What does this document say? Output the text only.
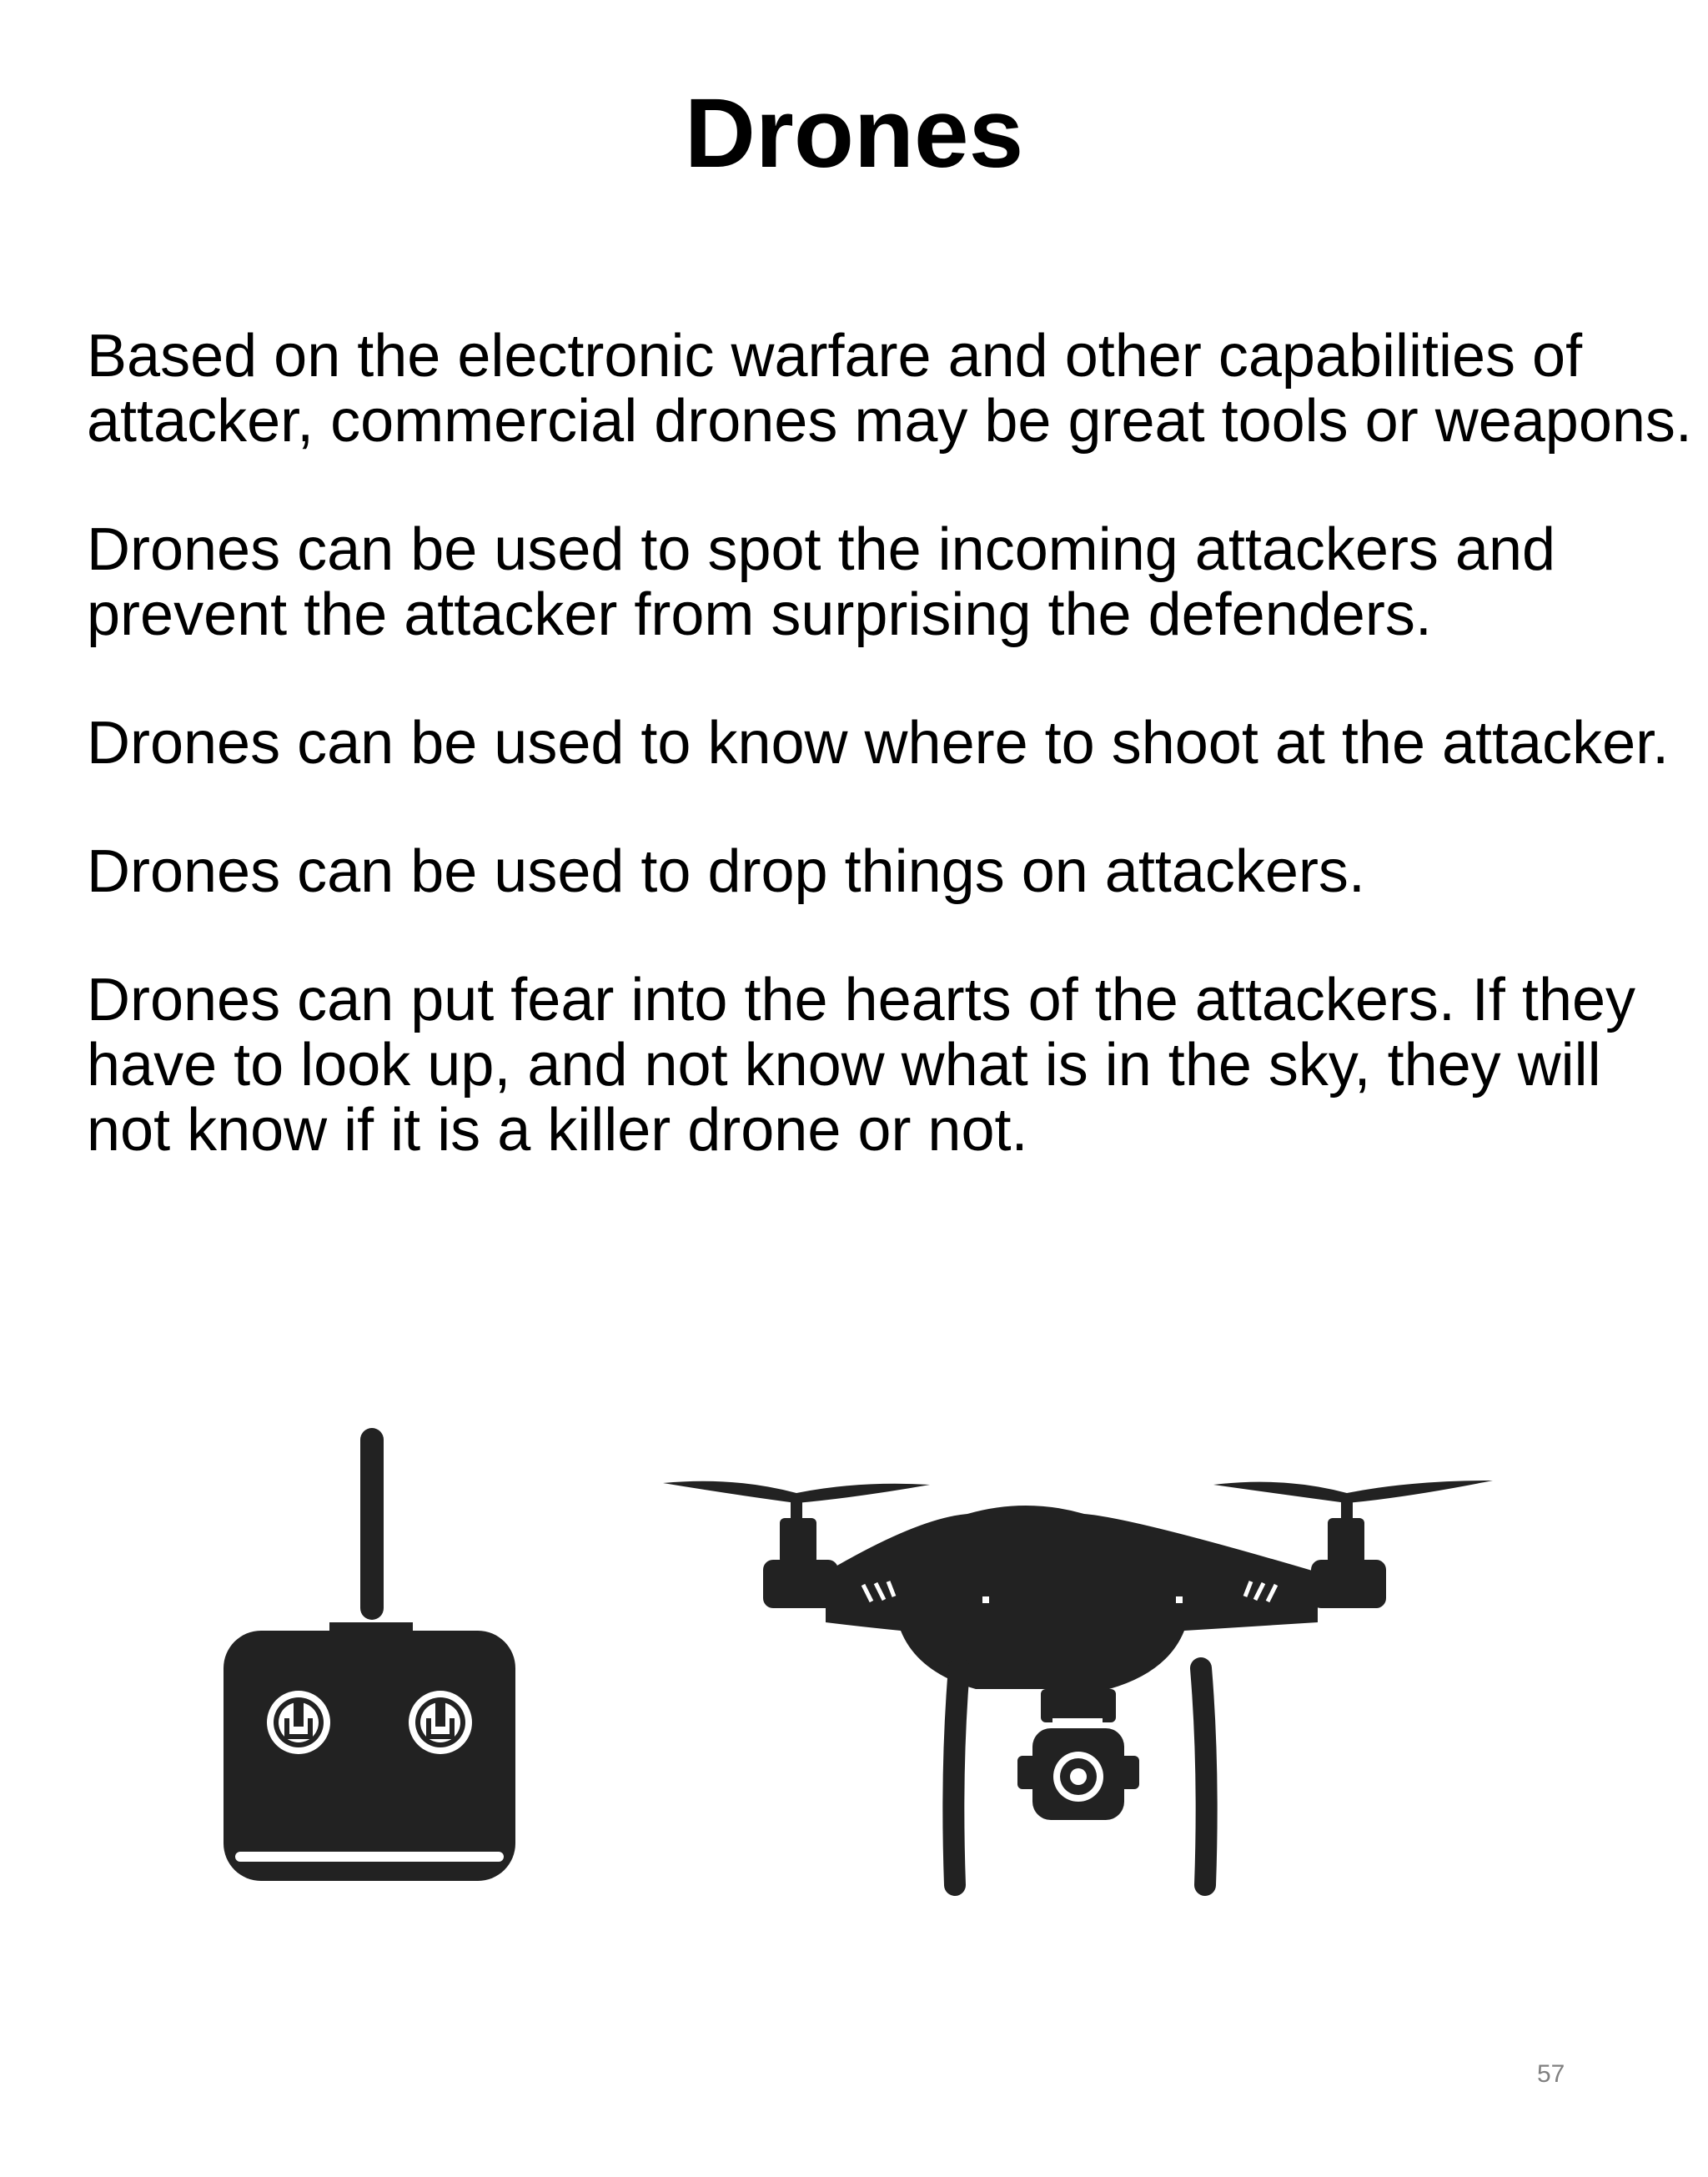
Drones

Based on the electronic warfare and other capabilities of attacker, commercial drones may be great tools or weapons.

Drones can be used to spot the incoming attackers and prevent the attacker from surprising the defenders.

Drones can be used to know where to shoot at the attacker.

Drones can be used to drop things on attackers.

Drones can put fear into the hearts of the attackers. If they have to look up, and not know what is in the sky, they will not know if it is a killer drone or not.

57
